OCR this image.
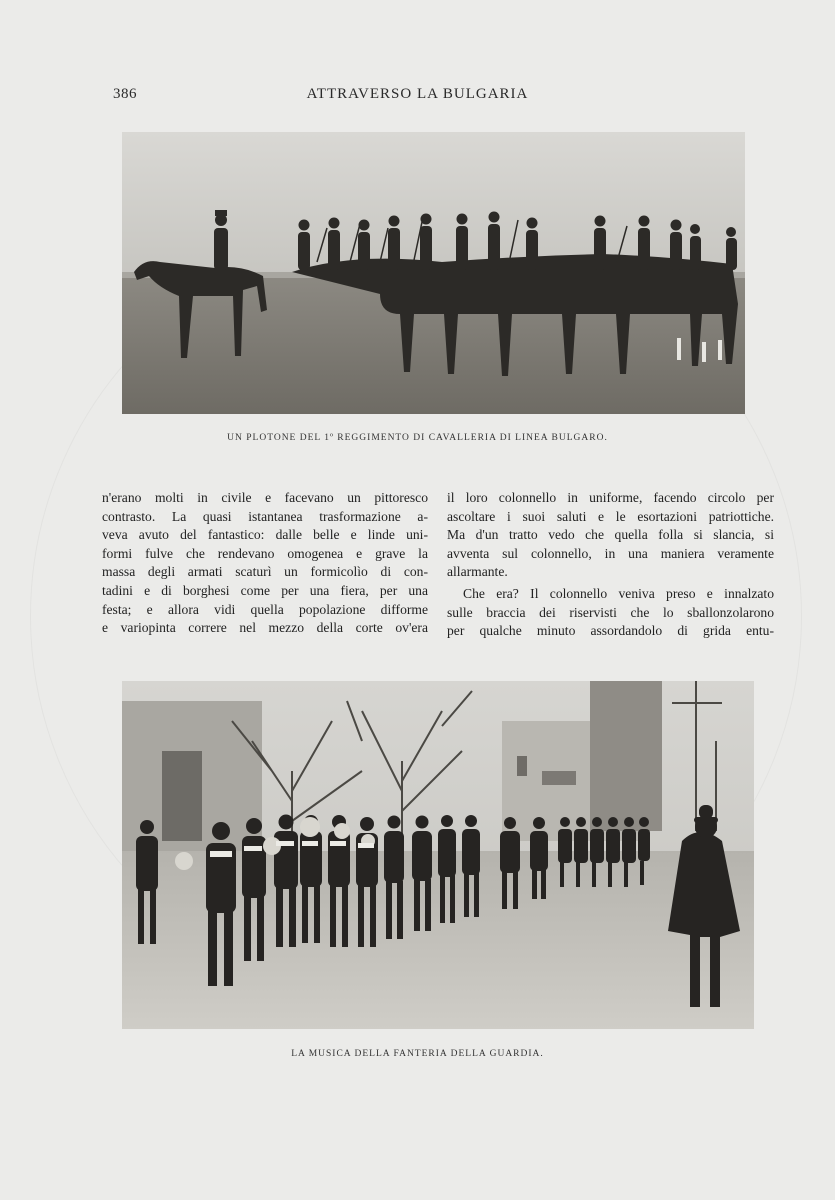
386	ATTRAVERSO LA BULGARIA
UN PLOTONE DEL 1º REGGIMENTO DI CAVALLERIA DI LINEA BULGARO.
n'erano molti in civile e facevano un pittoresco
contrasto. La quasi istantanea trasformazione a-
veva avuto del fantastico: dalle belle e linde uni-
formi fulve che rendevano omogenea e grave la
massa degli armati scaturì un formicolìo di con-
tadini e di borghesi come per una fiera, per una
festa; e allora vidi quella popolazione difforme
e variopinta correre nel mezzo della corte ov'era
il loro colonnello in uniforme, facendo circolo per
ascoltare i suoi saluti e le esortazioni patriottiche.
Ma d'un tratto vedo che quella folla si slancia, si
avventa sul colonnello, in una maniera veramente
allarmante.
Che era? Il colonnello veniva preso e innalzato
sulle braccia dei riservisti che lo sballonzolarono
per qualche minuto assordandolo di grida entu-
LA MUSICA DELLA FANTERIA DELLA GUARDIA.
